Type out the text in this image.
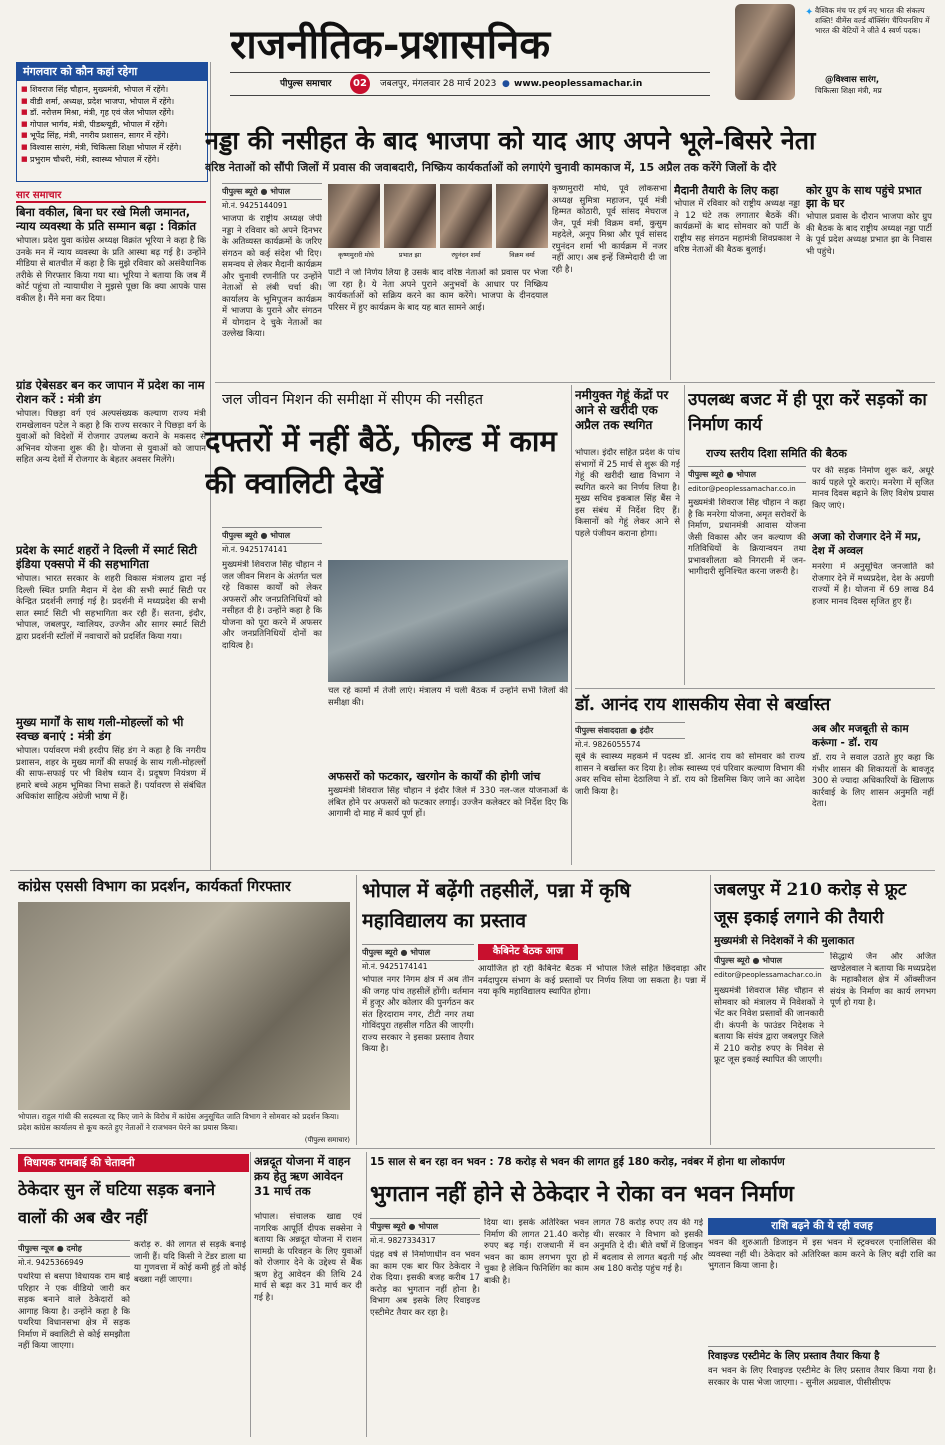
राजनीतिक-प्रशासनिक
पीपुल्स समाचार	02	जबलपुर, मंगलवार 28 मार्च 2023 ● www.peoplessamachar.in
✦ वैश्विक मंच पर हर्ष नए भारत की संकल्प शक्ति! वीमेंस वर्ल्ड बॉक्सिंग चैंपियनशिप में भारत की बेटियों ने जीते 4 स्वर्ण पदक।
@विश्वास सारंग,
चिकित्सा शिक्षा मंत्री, मप्र
मंगलवार को कौन कहां रहेगा
■ शिवराज सिंह चौहान, मुख्यमंत्री, भोपाल में रहेंगे।
■ वीडी शर्मा, अध्यक्ष, प्रदेश भाजपा, भोपाल में रहेंगे।
■ डॉ. नरोत्तम मिश्रा, मंत्री, गृह एवं जेल भोपाल रहेंगे।
■ गोपाल भार्गव, मंत्री, पीडब्ल्यूडी, भोपाल में रहेंगे।
■ भूपेंद्र सिंह, मंत्री, नगरीय प्रशासन, सागर में रहेंगे।
■ विश्वास सारंग, मंत्री, चिकित्सा शिक्षा भोपाल में रहेंगे।
■ प्रभुराम चौधरी, मंत्री, स्वास्थ्य भोपाल में रहेंगे।
सार समाचार
बिना वकील, बिना घर रखे मिली जमानत, न्याय व्यवस्था के प्रति सम्मान बढ़ा : विक्रांत
भोपाल। प्रदेश युवा कांग्रेस अध्यक्ष विक्रांत भूरिया ने कहा है कि उनके मन में न्याय व्यवस्था के प्रति आस्था बढ़ गई है। उन्होंने मीडिया से बातचीत में कहा है कि मुझे रविवार को असंवैधानिक तरीके से गिरफ्तार किया गया था। भूरिया ने बताया कि जब मैं कोर्ट पहुंचा तो न्यायाधीश ने मुझसे पूछा कि क्या आपके पास वकील है। मैंने मना कर दिया।
ग्रांड ऐबेसडर बन कर जापान में प्रदेश का नाम रोशन करें : मंत्री डंग
भोपाल। पिछड़ा वर्ग एवं अल्पसंख्यक कल्याण राज्य मंत्री रामखेलावन पटेल ने कहा है कि राज्य सरकार ने पिछड़ा वर्ग के युवाओं को विदेशों में रोजगार उपलब्ध कराने के मकसद से अभिनव योजना शुरू की है। योजना से युवाओं को जापान सहित अन्य देशों में रोजगार के बेहतर अवसर मिलेंगे।
प्रदेश के स्मार्ट शहरों ने दिल्ली में स्मार्ट सिटी इंडिया एक्सपो में की सहभागिता
भोपाल। भारत सरकार के शहरी विकास मंत्रालय द्वारा नई दिल्ली स्थित प्रगति मैदान में देश की सभी स्मार्ट सिटी पर केन्द्रित प्रदर्शनी लगाई गई है। प्रदर्शनी में मध्यप्रदेश की सभी सात स्मार्ट सिटी भी सहभागिता कर रही हैं। सतना, इंदौर, भोपाल, जबलपुर, ग्वालियर, उज्जैन और सागर स्मार्ट सिटी द्वारा प्रदर्शनी स्टॉलों में नवाचारों को प्रदर्शित किया गया।
मुख्य मार्गों के साथ गली-मोहल्लों को भी स्वच्छ बनाएं : मंत्री डंग
भोपाल। पर्यावरण मंत्री हरदीप सिंह डंग ने कहा है कि नगरीय प्रशासन, शहर के मुख्य मार्गों की सफाई के साथ गली-मोहल्लों की साफ-सफाई पर भी विशेष ध्यान दें। प्रदूषण नियंत्रण में हमारे बच्चे अहम भूमिका निभा सकते हैं। पर्यावरण से संबंधित अधिकांश साहित्य अंग्रेजी भाषा में हैं।
नड्डा की नसीहत के बाद भाजपा को याद आए अपने भूले-बिसरे नेता
वरिष्ठ नेताओं को सौंपी जिलों में प्रवास की जवाबदारी, निष्क्रिय कार्यकर्ताओं को लगाएंगे चुनावी कामकाज में, 15 अप्रैल तक करेंगे जिलों के दौरे
पीपुल्स ब्यूरो ● भोपाल
मो.नं. 9425144091
भाजपा के राष्ट्रीय अध्यक्ष जेपी नड्डा ने रविवार को अपने दिनभर के अतिव्यस्त कार्यक्रमों के जरिए संगठन को कई संदेश भी दिए। समन्वय से लेकर मैदानी कार्यक्रम और चुनावी रणनीति पर उन्होंने नेताओं से लंबी चर्चा की। कार्यालय के भूमिपूजन कार्यक्रम में भाजपा के पुराने और संगठन में योगदान दे चुके नेताओं का उल्लेख किया।
कृष्णमुरारी मोघे	प्रभात झा	रघुनंदन शर्मा	विक्रम वर्मा
पार्टी ने जो निर्णय लिया है उसके बाद वरिष्ठ नेताओं को प्रवास पर भेजा जा रहा है। ये नेता अपने पुराने अनुभवों के आधार पर निष्क्रिय कार्यकर्ताओं को सक्रिय करने का काम करेंगे। भाजपा के दीनदयाल परिसर में हुए कार्यक्रम के बाद यह बात सामने आई।
कृष्णमुरारी मोघे, पूर्व लोकसभा अध्यक्ष सुमित्रा महाजन, पूर्व मंत्री हिम्मत कोठारी, पूर्व सांसद मेघराज जैन, पूर्व मंत्री विक्रम वर्मा, कुसुम महदेले, अनूप मिश्रा और पूर्व सांसद रघुनंदन शर्मा भी कार्यक्रम में नजर नहीं आए। अब इन्हें जिम्मेदारी दी जा रही है।
मैदानी तैयारी के लिए कहा
भोपाल में रविवार को राष्ट्रीय अध्यक्ष नड्डा ने 12 घंटे तक लगातार बैठकें कीं। कार्यक्रमों के बाद सोमवार को पार्टी के राष्ट्रीय सह संगठन महामंत्री शिवप्रकाश ने वरिष्ठ नेताओं की बैठक बुलाई।
कोर ग्रुप के साथ पहुंचे प्रभात झा के घर
भोपाल प्रवास के दौरान भाजपा कोर ग्रुप की बैठक के बाद राष्ट्रीय अध्यक्ष नड्डा पार्टी के पूर्व प्रदेश अध्यक्ष प्रभात झा के निवास भी पहुंचे।
जल जीवन मिशन की समीक्षा में सीएम की नसीहत
दफ्तरों में नहीं बैठें, फील्ड में काम की क्वालिटी देखें
पीपुल्स ब्यूरो ● भोपाल
मो.नं. 9425174141
मुख्यमंत्री शिवराज सिंह चौहान ने जल जीवन मिशन के अंतर्गत चल रहे विकास कार्यों को लेकर अफसरों और जनप्रतिनिधियों को नसीहत दी है। उन्होंने कहा है कि योजना को पूरा करने में अफसर और जनप्रतिनिधियों दोनों का दायित्व है।
चल रहे कामों में तेजी लाएं। मंत्रालय में चली बैठक में उन्होंने सभी जिलों की समीक्षा की।
अफसरों को फटकार, खरगोन के कार्यों की होगी जांच
मुख्यमंत्री शिवराज सिंह चौहान ने इंदौर जिले में 330 नल-जल योजनाओं के लंबित होने पर अफसरों को फटकार लगाई। उज्जैन कलेक्टर को निर्देश दिए कि आगामी दो माह में कार्य पूर्ण हों।
नमीयुक्त गेहूं केंद्रों पर आने से खरीदी एक अप्रैल तक स्थगित
भोपाल। इंदौर सहित प्रदेश के पांच संभागों में 25 मार्च से शुरू की गई गेहूं की खरीदी खाद्य विभाग ने स्थगित करने का निर्णय लिया है। मुख्य सचिव इकबाल सिंह बैंस ने इस संबंध में निर्देश दिए हैं। किसानों को गेहूं लेकर आने से पहले पंजीयन कराना होगा।
उपलब्ध बजट में ही पूरा करें सड़कों का निर्माण कार्य
राज्य स्तरीय दिशा समिति की बैठक
पीपुल्स ब्यूरो ● भोपाल
editor@peoplessamachar.co.in
मुख्यमंत्री शिवराज सिंह चौहान ने कहा है कि मनरेगा योजना, अमृत सरोवरों के निर्माण, प्रधानमंत्री आवास योजना जैसी विकास और जन कल्याण की गतिविधियों के क्रियान्वयन तथा प्रभावशीलता को निगरानी में जन-भागीदारी सुनिश्चित करना जरूरी है।
पर की सड़क निर्माण शुरू करें, अधूरे कार्य पहले पूरे कराएं। मनरेगा में सृजित मानव दिवस बढ़ाने के लिए विशेष प्रयास किए जाएं।
अजा को रोजगार देने में मप्र, देश में अव्वल
मनरेगा में अनुसूचित जनजाति को रोजगार देने में मध्यप्रदेश, देश के अग्रणी राज्यों में है। योजना में 69 लाख 84 हजार मानव दिवस सृजित हुए हैं।
डॉ. आनंद राय शासकीय सेवा से बर्खास्त
पीपुल्स संवाददाता ● इंदौर
मो.नं. 9826055574
सूबे के स्वास्थ्य महकमे में पदस्थ डॉ. आनंद राय को सोमवार को राज्य शासन ने बर्खास्त कर दिया है। लोक स्वास्थ्य एवं परिवार कल्याण विभाग की अवर सचिव सोमा देठालिया ने डॉ. राय को डिसमिस किए जाने का आदेश जारी किया है।
अब और मजबूती से काम करूंगा - डॉ. राय
डॉ. राय ने सवाल उठाते हुए कहा कि गंभीर शासन की शिकायतों के बावजूद 300 से ज्यादा अधिकारियों के खिलाफ कार्रवाई के लिए शासन अनुमति नहीं देता।
कांग्रेस एससी विभाग का प्रदर्शन, कार्यकर्ता गिरफ्तार
भोपाल। राहुल गांधी की सदस्यता रद्द किए जाने के विरोध में कांग्रेस अनुसूचित जाति विभाग ने सोमवार को प्रदर्शन किया। प्रदेश कांग्रेस कार्यालय से कूच करते हुए नेताओं ने राजभवन घेरने का प्रयास किया।
(पीपुल्स समाचार)
भोपाल में बढ़ेंगी तहसीलें, पन्ना में कृषि महाविद्यालय का प्रस्ताव
पीपुल्स ब्यूरो ● भोपाल
मो.नं. 9425174141
भोपाल नगर निगम क्षेत्र में अब तीन की जगह पांच तहसीलें होंगी। वर्तमान में हुजूर और कोलार की पुनर्गठन कर संत हिरदाराम नगर, टीटी नगर तथा गोविंदपुरा तहसील गठित की जाएगी। राज्य सरकार ने इसका प्रस्ताव तैयार किया है।
कैबिनेट बैठक आज
आयोजित हो रही कैबिनेट बैठक में भोपाल जिले सहित छिंदवाड़ा और नर्मदापुरम संभाग के कई प्रस्तावों पर निर्णय लिया जा सकता है। पन्ना में नया कृषि महाविद्यालय स्थापित होगा।
जबलपुर में 210 करोड़ से फ्रूट जूस इकाई लगाने की तैयारी
मुख्यमंत्री से निदेशकों ने की मुलाकात
पीपुल्स ब्यूरो ● भोपाल
editor@peoplessamachar.co.in
मुख्यमंत्री शिवराज सिंह चौहान से सोमवार को मंत्रालय में निवेशकों ने भेंट कर निवेश प्रस्तावों की जानकारी दी। कंपनी के फाउंडर निदेशक ने बताया कि संयंत्र द्वारा जबलपुर जिले में 210 करोड़ रुपए के निवेश से फ्रूट जूस इकाई स्थापित की जाएगी।
सिद्धार्थ जैन और अजित खण्डेलवाल ने बताया कि मध्यप्रदेश के महाकौशल क्षेत्र में ऑक्सीजन संयंत्र के निर्माण का कार्य लगभग पूर्ण हो गया है।
विधायक रामबाई की चेतावनी
ठेकेदार सुन लें घटिया सड़क बनाने वालों की अब खैर नहीं
पीपुल्स न्यूज ● दमोह
मो.नं. 9425366949
पथरिया से बसपा विधायक राम बाई परिहार ने एक वीडियो जारी कर सड़क बनाने वाले ठेकेदारों को आगाह किया है। उन्होंने कहा है कि पथरिया विधानसभा क्षेत्र में सड़क निर्माण में क्वालिटी से कोई समझौता नहीं किया जाएगा।
करोड़ रु. की लागत से सड़कें बनाई जानी हैं। यदि किसी ने टेंडर डाला था या गुणवत्ता में कोई कमी हुई तो कोई बख्शा नहीं जाएगा।
अन्नदूत योजना में वाहन क्रय हेतु ऋण आवेदन 31 मार्च तक
भोपाल। संचालक खाद्य एवं नागरिक आपूर्ति दीपक सक्सेना ने बताया कि अन्नदूत योजना में राशन सामग्री के परिवहन के लिए युवाओं को रोजगार देने के उद्देश्य से बैंक ऋण हेतु आवेदन की तिथि 24 मार्च से बढ़ा कर 31 मार्च कर दी गई है।
15 साल से बन रहा वन भवन : 78 करोड़ से भवन की लागत हुई 180 करोड़, नवंबर में होना था लोकार्पण
भुगतान नहीं होने से ठेकेदार ने रोका वन भवन निर्माण
पीपुल्स ब्यूरो ● भोपाल
मो.नं. 9827334317
पंद्रह वर्ष से निर्माणाधीन वन भवन का काम एक बार फिर ठेकेदार ने रोक दिया। इसकी बजह करीब 17 करोड़ का भुगतान नहीं होना है। विभाग अब इसके लिए रिवाइज्ड एस्टीमेट तैयार कर रहा है।
दिया था। इसके अतिरिक्त भवन निर्माण की लागत 21.40 करोड़ रुपए बढ़ गई। राजधानी में वन भवन का काम लगभग पूरा हो चुका है लेकिन फिनिशिंग का काम बाकी है।
लागत 78 करोड़ रुपए तय की गई थी। सरकार ने विभाग को इसकी अनुमति दे दी। बीते वर्षों में डिजाइन में बदलाव से लागत बढ़ती गई और अब 180 करोड़ पहुंच गई है।
राशि बढ़ने की ये रही वजह
भवन की शुरुआती डिजाइन में इस भवन में स्ट्रक्चरल एनालिसिस की व्यवस्था नहीं थी। ठेकेदार को अतिरिक्त काम करने के लिए बढ़ी राशि का भुगतान किया जाना है।
रिवाइज्ड एस्टीमेट के लिए प्रस्ताव तैयार किया है
वन भवन के लिए रिवाइज्ड एस्टीमेट के लिए प्रस्ताव तैयार किया गया है। सरकार के पास भेजा जाएगा। - सुनील अग्रवाल, पीसीसीएफ
